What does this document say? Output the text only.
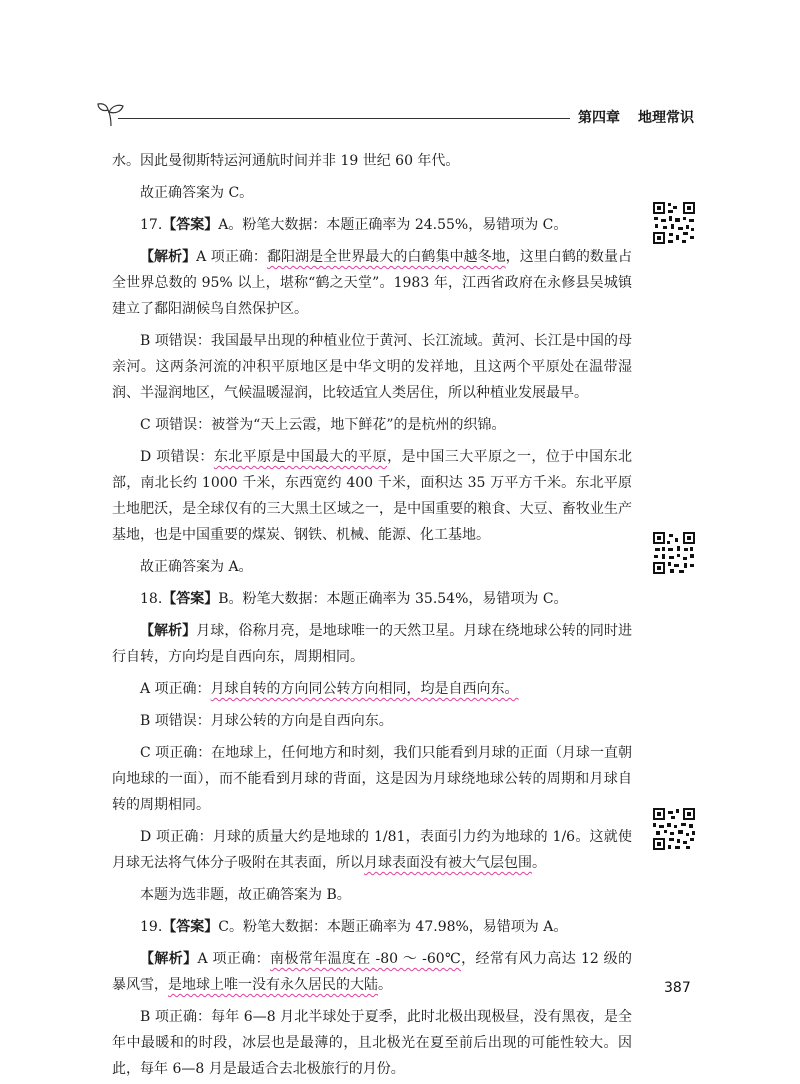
第四章 地理常识

水。因此曼彻斯特运河通航时间并非 19 世纪 60 年代。

故正确答案为 C。

17.【答案】A。粉笔大数据：本题正确率为 24.55%，易错项为 C。

【解析】A 项正确：鄱阳湖是全世界最大的白鹤集中越冬地，这里白鹤的数量占全世界总数的 95% 以上，堪称“鹤之天堂”。1983 年，江西省政府在永修县吴城镇建立了鄱阳湖候鸟自然保护区。

B 项错误：我国最早出现的种植业位于黄河、长江流域。黄河、长江是中国的母亲河。这两条河流的冲积平原地区是中华文明的发祥地，且这两个平原处在温带湿润、半湿润地区，气候温暖湿润，比较适宜人类居住，所以种植业发展最早。

C 项错误：被誉为“天上云霞，地下鲜花”的是杭州的织锦。

D 项错误：东北平原是中国最大的平原，是中国三大平原之一，位于中国东北部，南北长约 1000 千米，东西宽约 400 千米，面积达 35 万平方千米。东北平原土地肥沃，是全球仅有的三大黑土区域之一，是中国重要的粮食、大豆、畜牧业生产基地，也是中国重要的煤炭、钢铁、机械、能源、化工基地。

故正确答案为 A。

18.【答案】B。粉笔大数据：本题正确率为 35.54%，易错项为 C。

【解析】月球，俗称月亮，是地球唯一的天然卫星。月球在绕地球公转的同时进行自转，方向均是自西向东，周期相同。

A 项正确：月球自转的方向同公转方向相同，均是自西向东。

B 项错误：月球公转的方向是自西向东。

C 项正确：在地球上，任何地方和时刻，我们只能看到月球的正面（月球一直朝向地球的一面），而不能看到月球的背面，这是因为月球绕地球公转的周期和月球自转的周期相同。

D 项正确：月球的质量大约是地球的 1/81，表面引力约为地球的 1/6。这就使月球无法将气体分子吸附在其表面，所以月球表面没有被大气层包围。

本题为选非题，故正确答案为 B。

19.【答案】C。粉笔大数据：本题正确率为 47.98%，易错项为 A。

【解析】A 项正确：南极常年温度在 -80 ～ -60℃，经常有风力高达 12 级的暴风雪，是地球上唯一没有永久居民的大陆。

B 项正确：每年 6—8 月北半球处于夏季，此时北极出现极昼，没有黑夜，是全年中最暖和的时段，冰层也是最薄的，且北极光在夏至前后出现的可能性较大。因此，每年 6—8 月是最适合去北极旅行的月份。

387
